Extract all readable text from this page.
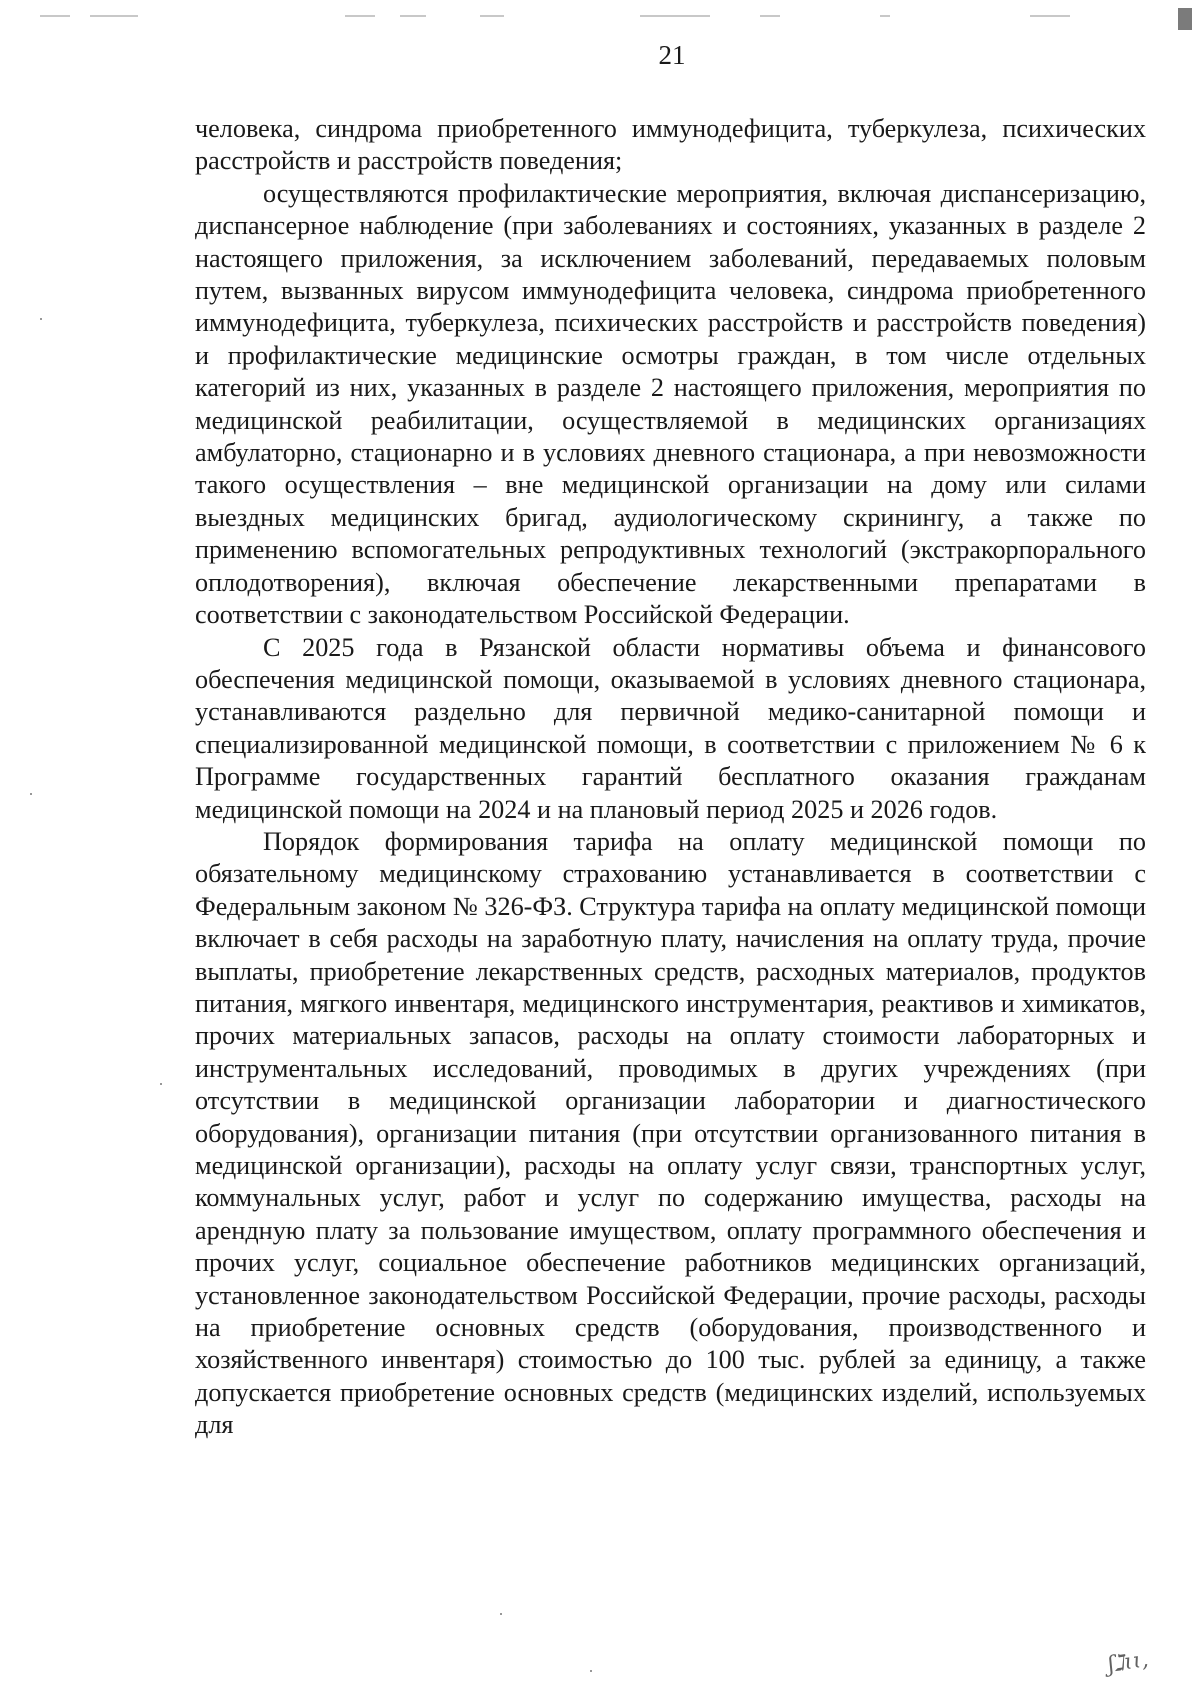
21

человека, синдрома приобретенного иммунодефицита, туберкулеза, психических расстройств и расстройств поведения;

осуществляются профилактические мероприятия, включая диспансеризацию, диспансерное наблюдение (при заболеваниях и состояниях, указанных в разделе 2 настоящего приложения, за исключением заболеваний, передаваемых половым путем, вызванных вирусом иммунодефицита человека, синдрома приобретенного иммунодефицита, туберкулеза, психических расстройств и расстройств поведения) и профилактические медицинские осмотры граждан, в том числе отдельных категорий из них, указанных в разделе 2 настоящего приложения, мероприятия по медицинской реабилитации, осуществляемой в медицинских организациях амбулаторно, стационарно и в условиях дневного стационара, а при невозможности такого осуществления – вне медицинской организации на дому или силами выездных медицинских бригад, аудиологическому скринингу, а также по применению вспомогательных репродуктивных технологий (экстракорпорального оплодотворения), включая обеспечение лекарственными препаратами в соответствии с законодательством Российской Федерации.

С 2025 года в Рязанской области нормативы объема и финансового обеспечения медицинской помощи, оказываемой в условиях дневного стационара, устанавливаются раздельно для первичной медико-санитарной помощи и специализированной медицинской помощи, в соответствии с приложением № 6 к Программе государственных гарантий бесплатного оказания гражданам медицинской помощи на 2024 и на плановый период 2025 и 2026 годов.

Порядок формирования тарифа на оплату медицинской помощи по обязательному медицинскому страхованию устанавливается в соответствии с Федеральным законом № 326-ФЗ. Структура тарифа на оплату медицинской помощи включает в себя расходы на заработную плату, начисления на оплату труда, прочие выплаты, приобретение лекарственных средств, расходных материалов, продуктов питания, мягкого инвентаря, медицинского инструментария, реактивов и химикатов, прочих материальных запасов, расходы на оплату стоимости лабораторных и инструментальных исследований, проводимых в других учреждениях (при отсутствии в медицинской организации лаборатории и диагностического оборудования), организации питания (при отсутствии организованного питания в медицинской организации), расходы на оплату услуг связи, транспортных услуг, коммунальных услуг, работ и услуг по содержанию имущества, расходы на арендную плату за пользование имуществом, оплату программного обеспечения и прочих услуг, социальное обеспечение работников медицинских организаций, установленное законодательством Российской Федерации, прочие расходы, расходы на приобретение основных средств (оборудования, производственного и хозяйственного инвентаря) стоимостью до 100 тыс. рублей за единицу, а также допускается приобретение основных средств (медицинских изделий, используемых для

ʃℷɩɩ,
